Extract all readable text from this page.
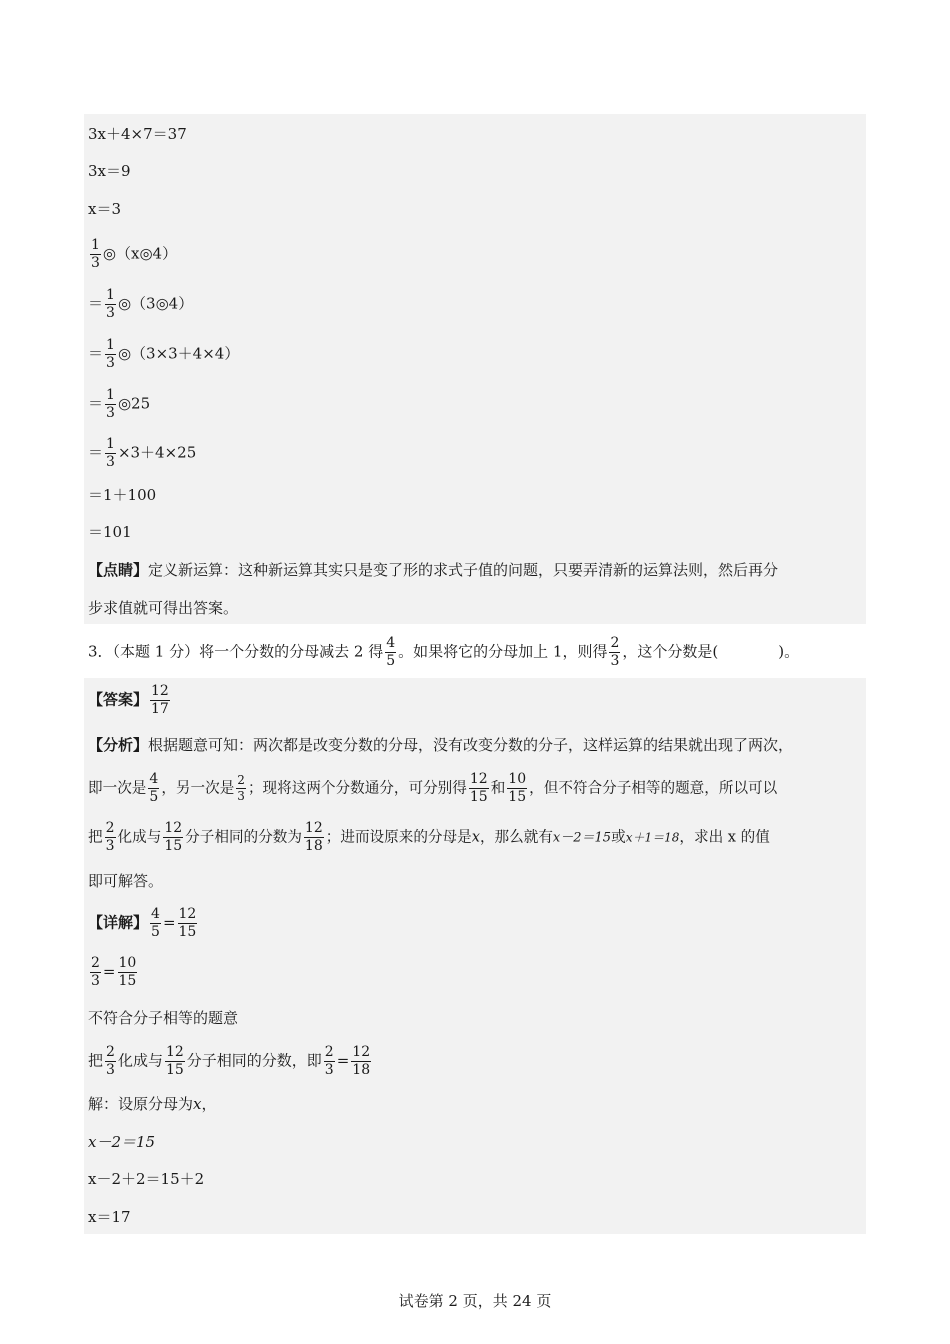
3x＋4×7＝37
3x＝9
x＝3
$\frac{1}{3}$ ◎（x◎4）
＝ $\frac{1}{3}$ ◎（3◎4）
＝ $\frac{1}{3}$ ◎（3×3＋4×4）
＝ $\frac{1}{3}$ ◎25
＝ $\frac{1}{3} \times 3+4\times 25$
＝1＋100
＝101
【点睛】定义新运算：这种新运算其实只是变了形的求式子值的问题，只要弄清新的运算法则，然后再分
步求值就可得出答案。
3．（本题 1 分）将一个分数的分母减去 2 得 $\frac{4}{5}$ 。如果将它的分母加上 1，则得 $\frac{2}{3}$ ，这个分数是(　　　　)。
【答案】 $\frac{12}{17}$
【分析】根据题意可知：两次都是改变分数的分母，没有改变分数的分子，这样运算的结果就出现了两次，
即一次是 $\frac{4}{5}$ ，另一次是 $\frac{2}{3}$ ；现将这两个分数通分，可分别得 $\frac{12}{15}$ 和 $\frac{10}{15}$ ，但不符合分子相等的题意，所以可以
把 $\frac{2}{3}$ 化成与 $\frac{12}{15}$ 分子相同的分数为 $\frac{12}{18}$ ；进而设原来的分母是x，那么就有x－2＝15或x＋1＝18，求出 x 的值
即可解答。
【详解】 $\frac{4}{5} = \frac{12}{15}$
$\frac{2}{3} = \frac{10}{15}$
不符合分子相等的题意
把 $\frac{2}{3}$ 化成与 $\frac{12}{15}$ 分子相同的分数，即 $\frac{2}{3} = \frac{12}{18}$
解：设原分母为x，
x－2＝15
x－2＋2＝15＋2
x＝17
试卷第 2 页，共 24 页
